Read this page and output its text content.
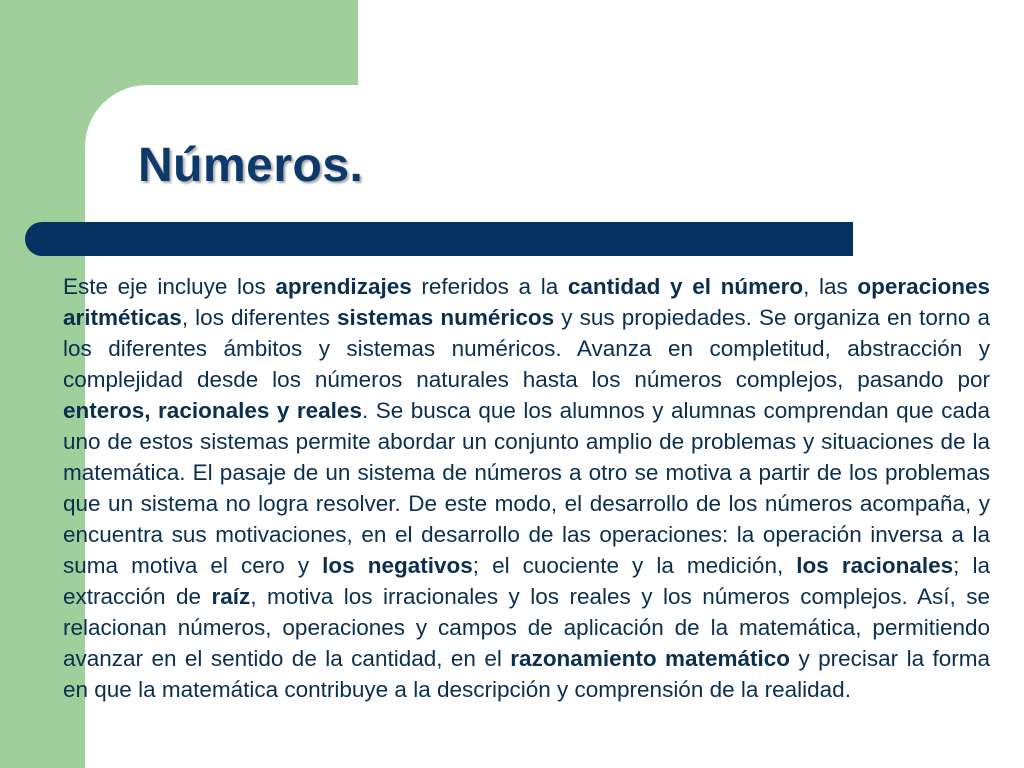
Números.

Este eje incluye los aprendizajes referidos a la cantidad y el número, las operaciones aritméticas, los diferentes sistemas numéricos y sus propiedades. Se organiza en torno a los diferentes ámbitos y sistemas numéricos. Avanza en completitud, abstracción y complejidad desde los números naturales hasta los números complejos, pasando por enteros, racionales y reales. Se busca que los alumnos y alumnas comprendan que cada uno de estos sistemas permite abordar un conjunto amplio de problemas y situaciones de la matemática. El pasaje de un sistema de números a otro se motiva a partir de los problemas que un sistema no logra resolver. De este modo, el desarrollo de los números acompaña, y encuentra sus motivaciones, en el desarrollo de las operaciones: la operación inversa a la suma motiva el cero y los negativos; el cuociente y la medición, los racionales; la extracción de raíz, motiva los irracionales y los reales y los números complejos. Así, se relacionan números, operaciones y campos de aplicación de la matemática, permitiendo avanzar en el sentido de la cantidad, en el razonamiento matemático y precisar la forma en que la matemática contribuye a la descripción y comprensión de la realidad.
